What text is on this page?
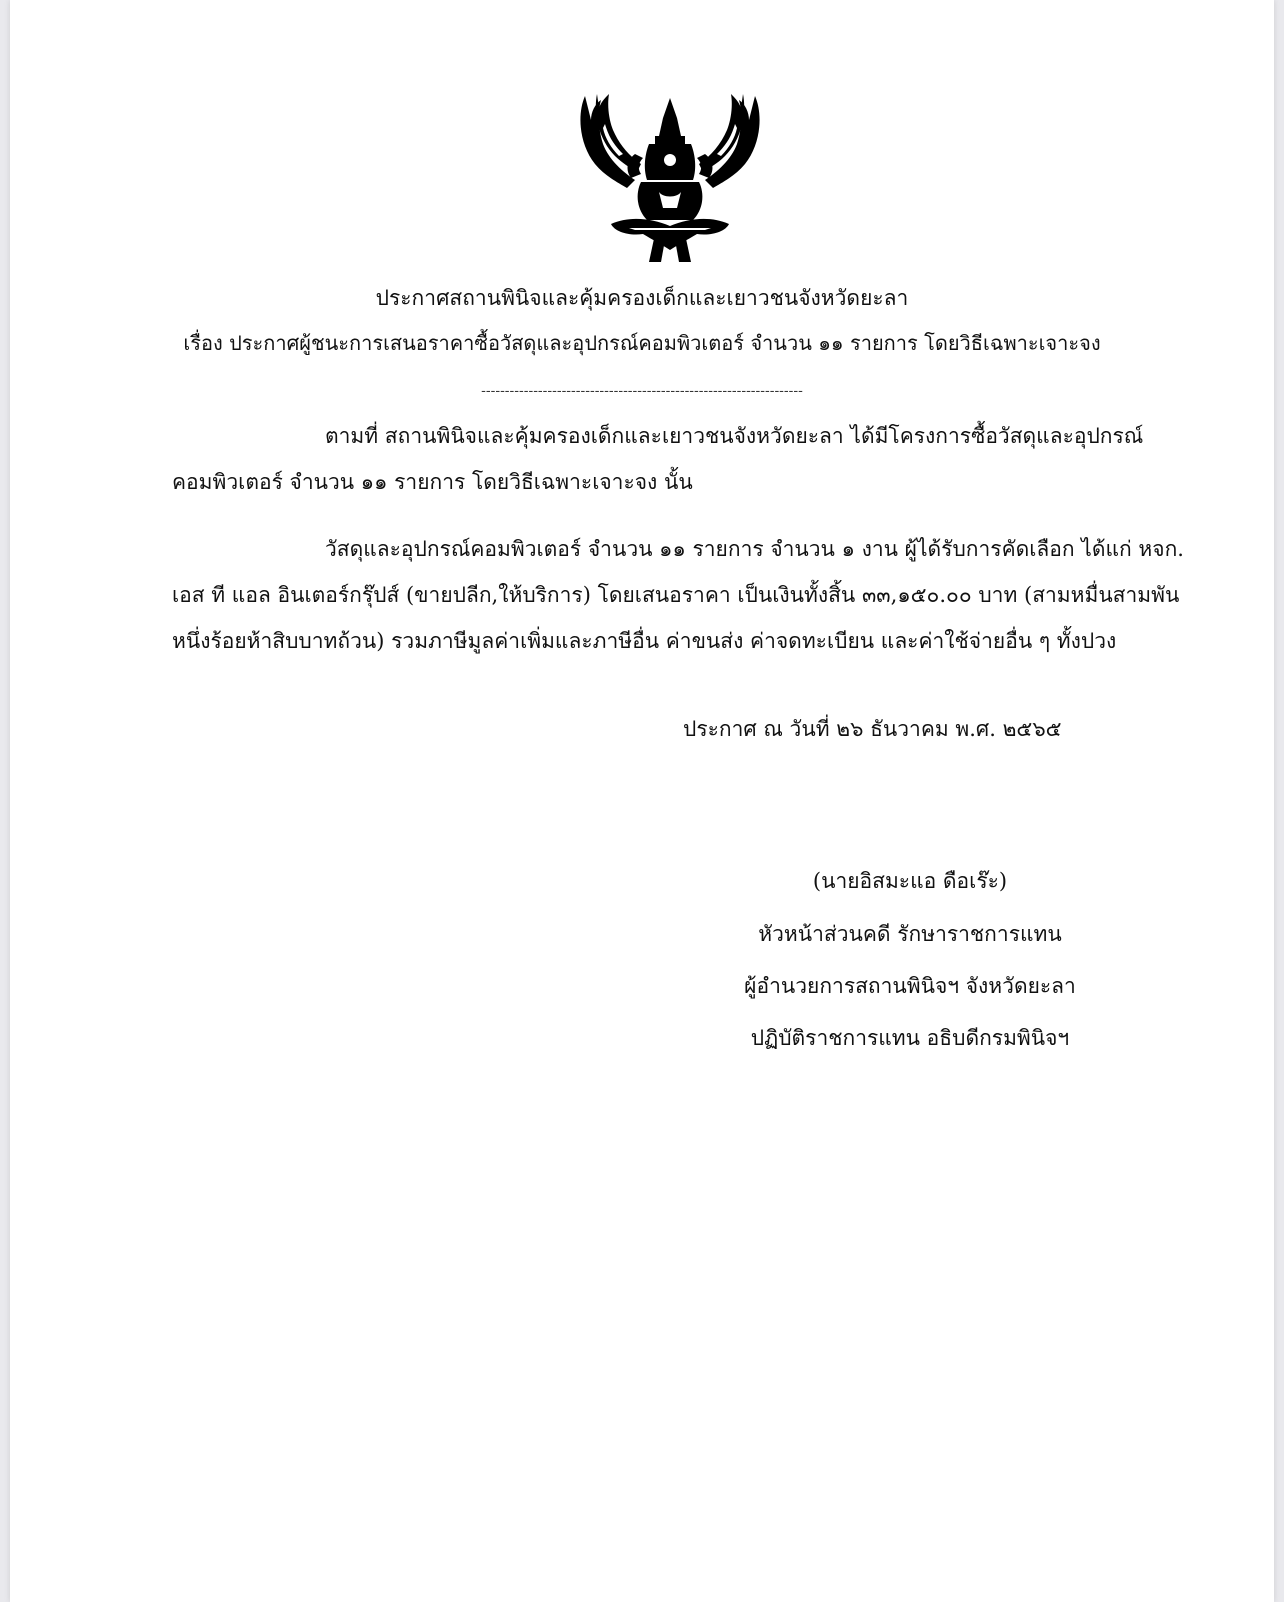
ประกาศสถานพินิจและคุ้มครองเด็กและเยาวชนจังหวัดยะลา
เรื่อง ประกาศผู้ชนะการเสนอราคาซื้อวัสดุและอุปกรณ์คอมพิวเตอร์ จำนวน ๑๑ รายการ โดยวิธีเฉพาะเจาะจง
--------------------------------------------------------------------
ตามที่ สถานพินิจและคุ้มครองเด็กและเยาวชนจังหวัดยะลา ได้มีโครงการซื้อวัสดุและอุปกรณ์
คอมพิวเตอร์ จำนวน ๑๑ รายการ โดยวิธีเฉพาะเจาะจง นั้น
วัสดุและอุปกรณ์คอมพิวเตอร์ จำนวน ๑๑ รายการ จำนวน ๑ งาน ผู้ได้รับการคัดเลือก ได้แก่ หจก.
เอส ที แอล อินเตอร์กรุ๊ปส์ (ขายปลีก,ให้บริการ) โดยเสนอราคา เป็นเงินทั้งสิ้น ๓๓,๑๕๐.๐๐ บาท (สามหมื่นสามพัน
หนึ่งร้อยห้าสิบบาทถ้วน) รวมภาษีมูลค่าเพิ่มและภาษีอื่น ค่าขนส่ง ค่าจดทะเบียน และค่าใช้จ่ายอื่น ๆ ทั้งปวง
ประกาศ ณ วันที่ ๒๖ ธันวาคม พ.ศ. ๒๕๖๕
(นายอิสมะแอ ดือเร๊ะ)
หัวหน้าส่วนคดี รักษาราชการแทน
ผู้อำนวยการสถานพินิจฯ จังหวัดยะลา
ปฏิบัติราชการแทน อธิบดีกรมพินิจฯ
